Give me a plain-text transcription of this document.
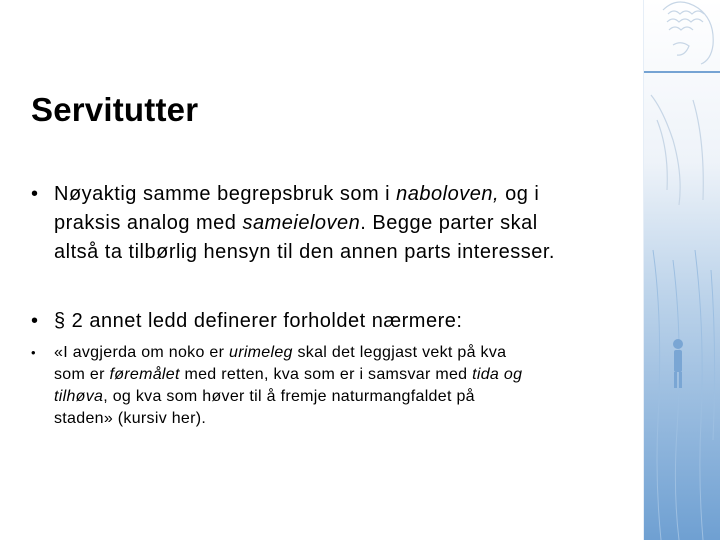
Servitutter
• Nøyaktig samme begrepsbruk som i naboloven, og i
praksis analog med sameieloven. Begge parter skal
altså ta tilbørlig hensyn til den annen parts interesser.
• § 2 annet ledd definerer forholdet nærmere:
•	«I avgjerda om noko er urimeleg skal det leggjast vekt på kva
som er føremålet med retten, kva som er i samsvar med tida og
tilhøva, og kva som høver til å fremje naturmangfaldet på
staden» (kursiv her).
